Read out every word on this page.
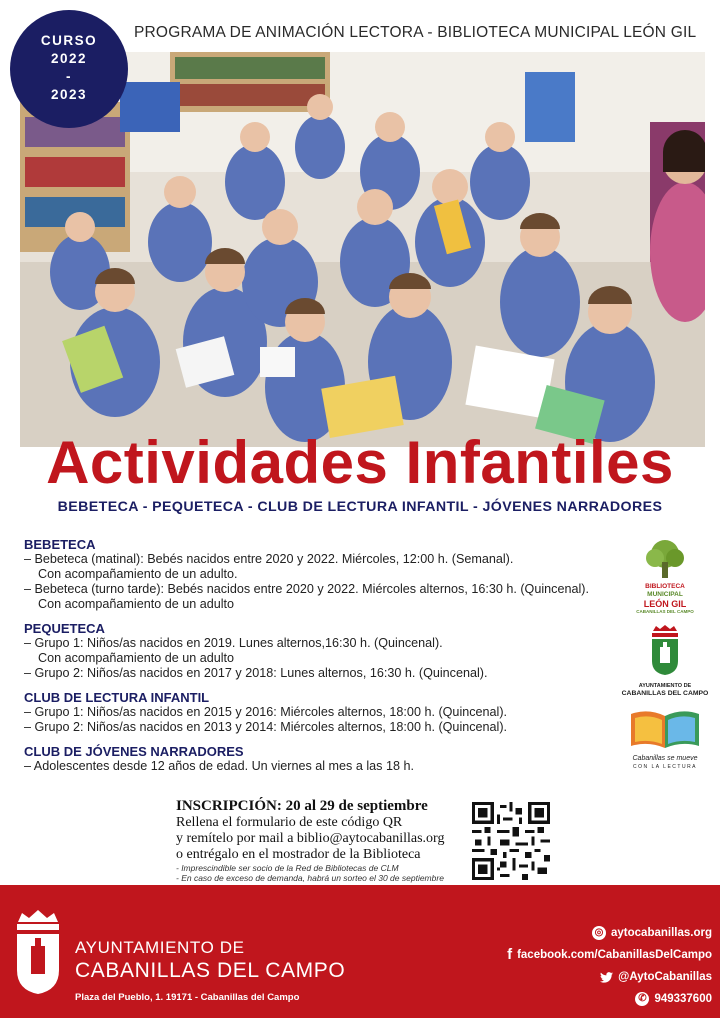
CURSO
2022
-
2023
PROGRAMA DE ANIMACIÓN LECTORA - BIBLIOTECA MUNICIPAL LEÓN GIL
Actividades Infantiles
BEBETECA - PEQUETECA - CLUB DE LECTURA INFANTIL - JÓVENES NARRADORES
BEBETECA
– Bebeteca (matinal): Bebés nacidos entre 2020 y 2022. Miércoles, 12:00 h. (Semanal).
Con acompañamiento de un adulto.
– Bebeteca (turno tarde): Bebés nacidos entre 2020 y 2022. Miércoles alternos, 16:30 h. (Quincenal).
Con acompañamiento de un adulto
PEQUETECA
– Grupo 1: Niños/as nacidos en 2019. Lunes alternos,16:30 h. (Quincenal).
Con acompañamiento de un adulto
– Grupo 2: Niños/as nacidos en 2017 y 2018: Lunes alternos, 16:30 h. (Quincenal).
CLUB DE LECTURA INFANTIL
– Grupo 1: Niños/as nacidos en 2015 y 2016: Miércoles alternos, 18:00 h. (Quincenal).
– Grupo 2: Niños/as nacidos en 2013 y 2014: Miércoles alternos, 18:00 h. (Quincenal).
CLUB DE JÓVENES NARRADORES
– Adolescentes desde 12 años de edad. Un viernes al mes a las 18 h.
BIBLIOTECA
MUNICIPAL
LEÓN GIL
CABANILLAS DEL CAMPO
AYUNTAMIENTO DE
CABANILLAS DEL CAMPO
Cabanillas se mueve
CON LA LECTURA
INSCRIPCIÓN: 20 al 29 de septiembre
Rellena el formulario de este código QR
y remítelo por mail a biblio@aytocabanillas.org
o entrégalo en el mostrador de la Biblioteca
- Imprescindible ser socio de la Red de Bibliotecas de CLM
- En caso de exceso de demanda, habrá un sorteo el 30 de septiembre
AYUNTAMIENTO DE
CABANILLAS DEL CAMPO
Plaza del Pueblo, 1. 19171 - Cabanillas del Campo
◎ aytocabanillas.org
f facebook.com/CabanillasDelCampo
@AytoCabanillas
✆ 949337600
